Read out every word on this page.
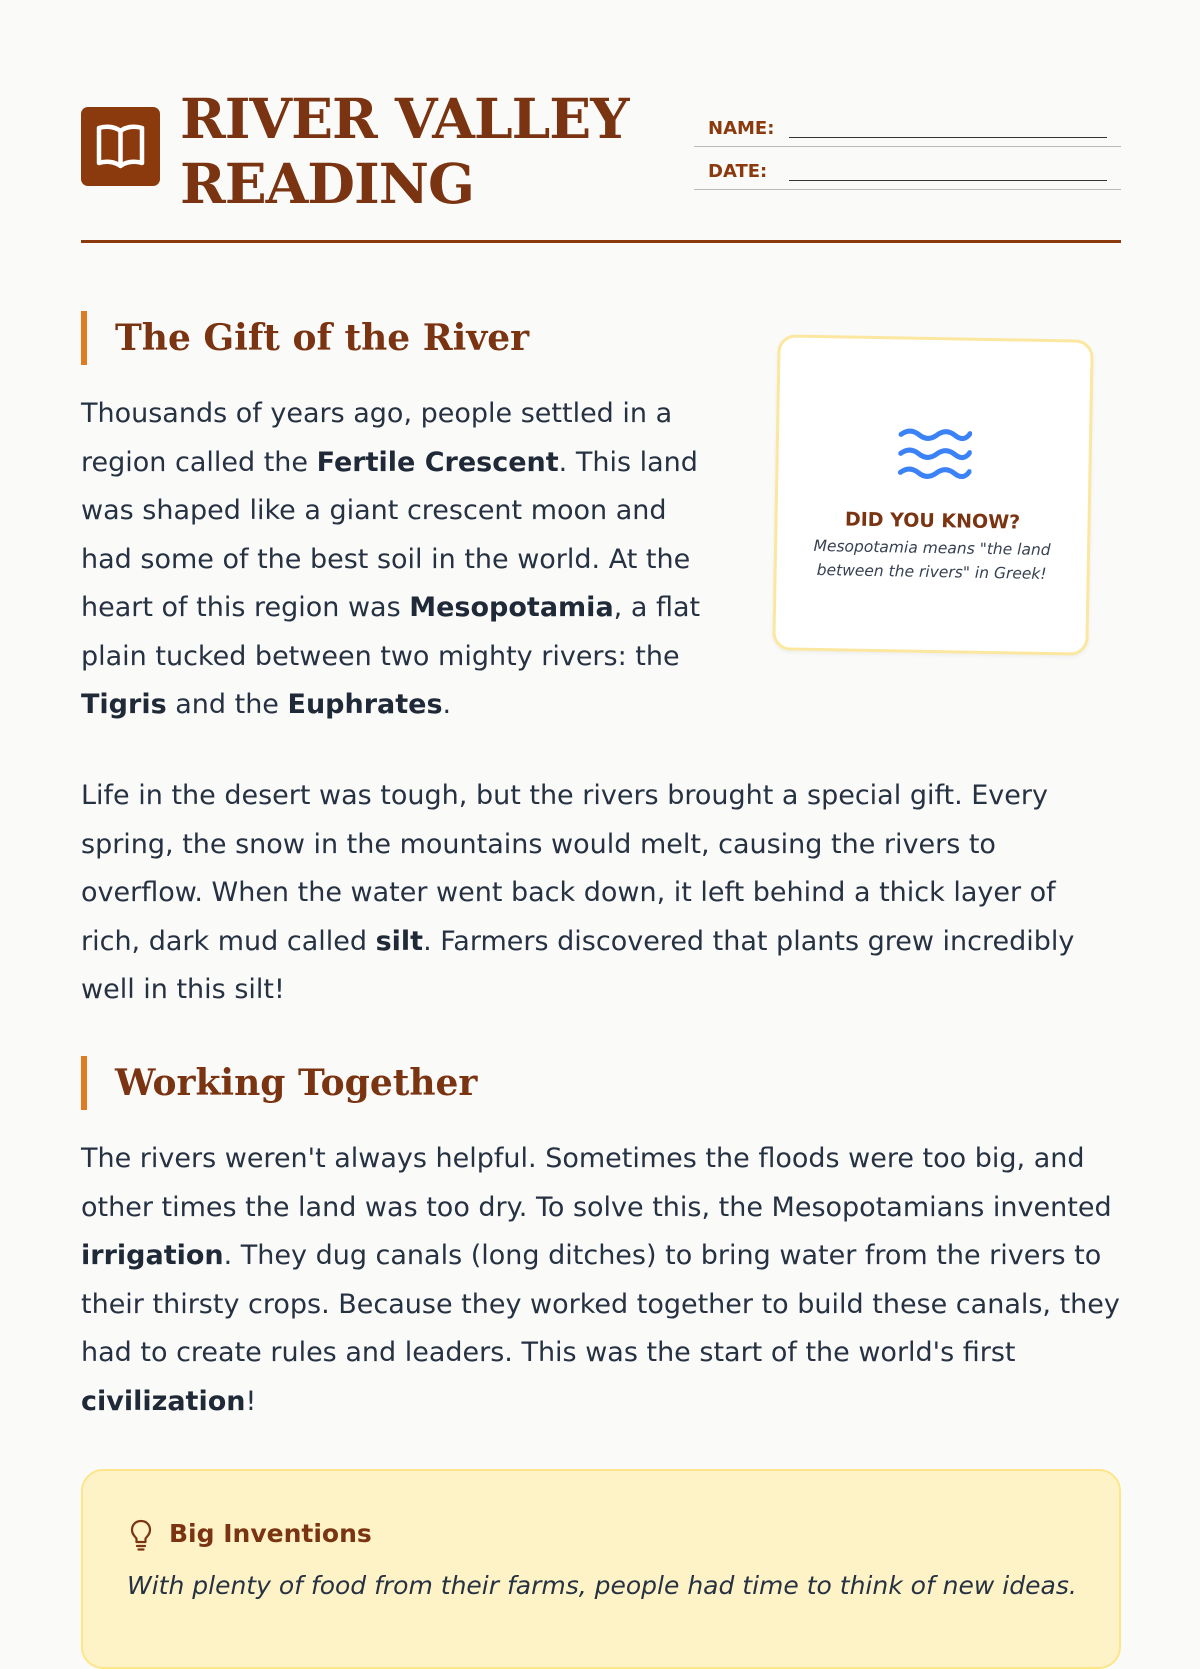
RIVER VALLEY
READING
NAME:
DATE:
The Gift of the River

Thousands of years ago, people settled in a region called the Fertile Crescent. This land was shaped like a giant crescent moon and had some of the best soil in the world. At the heart of this region was Mesopotamia, a flat plain tucked between two mighty rivers: the Tigris and the Euphrates.

DID YOU KNOW?
Mesopotamia means "the land between the rivers" in Greek!

Life in the desert was tough, but the rivers brought a special gift. Every spring, the snow in the mountains would melt, causing the rivers to overflow. When the water went back down, it left behind a thick layer of rich, dark mud called silt. Farmers discovered that plants grew incredibly well in this silt!

Working Together

The rivers weren't always helpful. Sometimes the floods were too big, and other times the land was too dry. To solve this, the Mesopotamians invented irrigation. They dug canals (long ditches) to bring water from the rivers to their thirsty crops. Because they worked together to build these canals, they had to create rules and leaders. This was the start of the world's first civilization!

Big Inventions
With plenty of food from their farms, people had time to think of new ideas.
